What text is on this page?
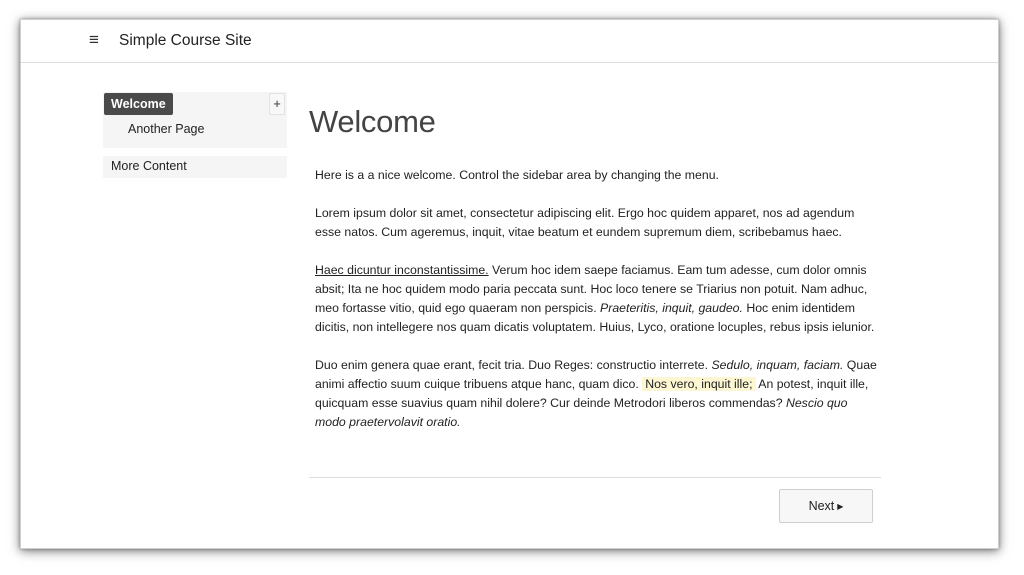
≡ Simple Course Site
Welcome	+
Another Page
More Content
Welcome

Here is a a nice welcome. Control the sidebar area by changing the menu.

Lorem ipsum dolor sit amet, consectetur adipiscing elit. Ergo hoc quidem apparet, nos ad agendum esse natos. Cum ageremus, inquit, vitae beatum et eundem supremum diem, scribebamus haec.

Haec dicuntur inconstantissime. Verum hoc idem saepe faciamus. Eam tum adesse, cum dolor omnis absit; Ita ne hoc quidem modo paria peccata sunt. Hoc loco tenere se Triarius non potuit. Nam adhuc, meo fortasse vitio, quid ego quaeram non perspicis. Praeteritis, inquit, gaudeo. Hoc enim identidem dicitis, non intellegere nos quam dicatis voluptatem. Huius, Lyco, oratione locuples, rebus ipsis ielunior.

Duo enim genera quae erant, fecit tria. Duo Reges: constructio interrete. Sedulo, inquam, faciam. Quae animi affectio suum cuique tribuens atque hanc, quam dico. Nos vero, inquit ille; An potest, inquit ille, quicquam esse suavius quam nihil dolere? Cur deinde Metrodori liberos commendas? Nescio quo modo praetervolavit oratio.

Next ▶
